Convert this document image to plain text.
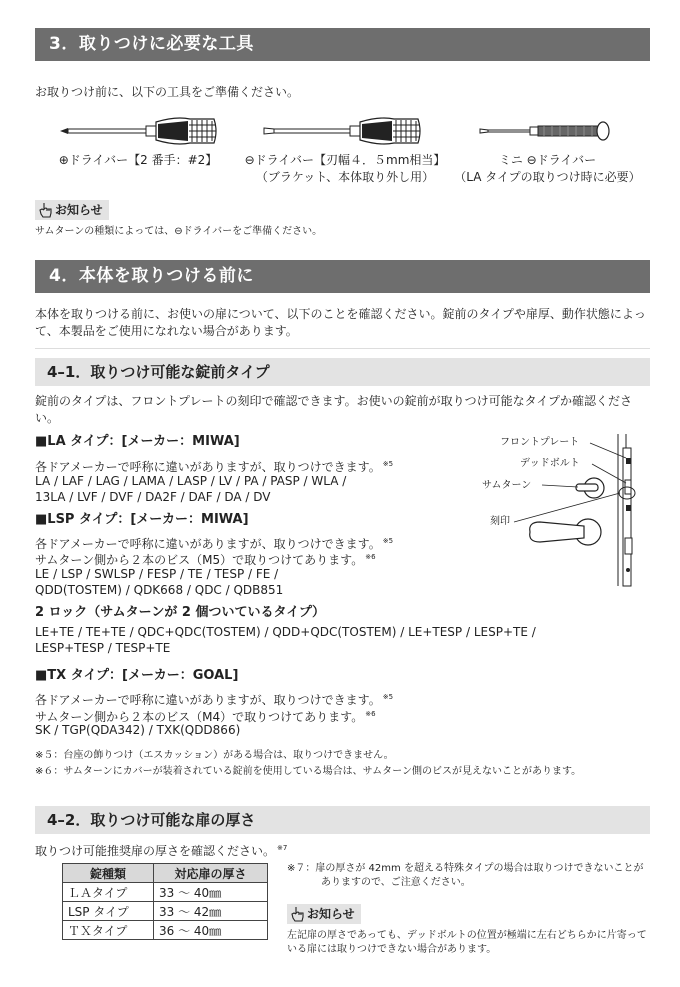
3．取りつけに必要な工具
お取りつけ前に、以下の工具をご準備ください。
⊕ドライバー【2 番手：#2】	⊖ドライバー【刃幅４．５mm相当】
（ブラケット、本体取り外し用）
ミニ ⊖ドライバー
（LA タイプの取りつけ時に必要）
お知らせ
サムターンの種類によっては、⊖ドライバーをご準備ください。
4．本体を取りつける前に
本体を取りつける前に、お使いの扉について、以下のことを確認ください。錠前のタイプや扉厚、動作状態によって、本製品をご使用になれない場合があります。
4–1．取りつけ可能な錠前タイプ
錠前のタイプは、フロントプレートの刻印で確認できます。お使いの錠前が取りつけ可能なタイプか確認ください。
■LA タイプ：[メーカー：MIWA]
各ドアメーカーで呼称に違いがありますが、取りつけできます。 $^{※5}$
LA / LAF / LAG / LAMA / LASP / LV / PA / PASP / WLA /
13LA / LVF / DVF / DA2F / DAF / DA / DV
■LSP タイプ：[メーカー：MIWA]
各ドアメーカーで呼称に違いがありますが、取りつけできます。 $^{※5}$
サムターン側から２本のビス（M5）で取りつけてあります。 $^{※6}$
LE / LSP / SWLSP / FESP / TE / TESP / FE /
QDD(TOSTEM) / QDK668 / QDC / QDB851
2 ロック（サムターンが 2 個ついているタイプ）
LE+TE / TE+TE / QDC+QDC(TOSTEM) / QDD+QDC(TOSTEM) / LE+TESP / LESP+TE /
LESP+TESP / TESP+TE
■TX タイプ：[メーカー：GOAL]
各ドアメーカーで呼称に違いがありますが、取りつけできます。 $^{※5}$
サムターン側から２本のビス（M4）で取りつけてあります。 $^{※6}$
SK / TGP(QDA342) / TXK(QDD866)
※５：台座の飾りつけ（エスカッション）がある場合は、取りつけできません。
※６：サムターンにカバーが装着されている錠前を使用している場合は、サムターン側のビスが見えないことがあります。
フロントプレート
デッドボルト
サムターン
刻印
4–2．取りつけ可能な扉の厚さ
取りつけ可能推奨扉の厚さを確認ください。 $^{※7}$
錠種類	対応扉の厚さ
ＬＡタイプ	33 ～ 40㎜
LSP タイプ	33 ～ 42㎜
ＴＸタイプ	36 ～ 40㎜
※７：扉の厚さが 42mm を超える特殊タイプの場合は取りつけできないことがありますので、ご注意ください。
お知らせ
左記扉の厚さであっても、デッドボルトの位置が極端に左右どちらかに片寄っている扉には取りつけできない場合があります。
